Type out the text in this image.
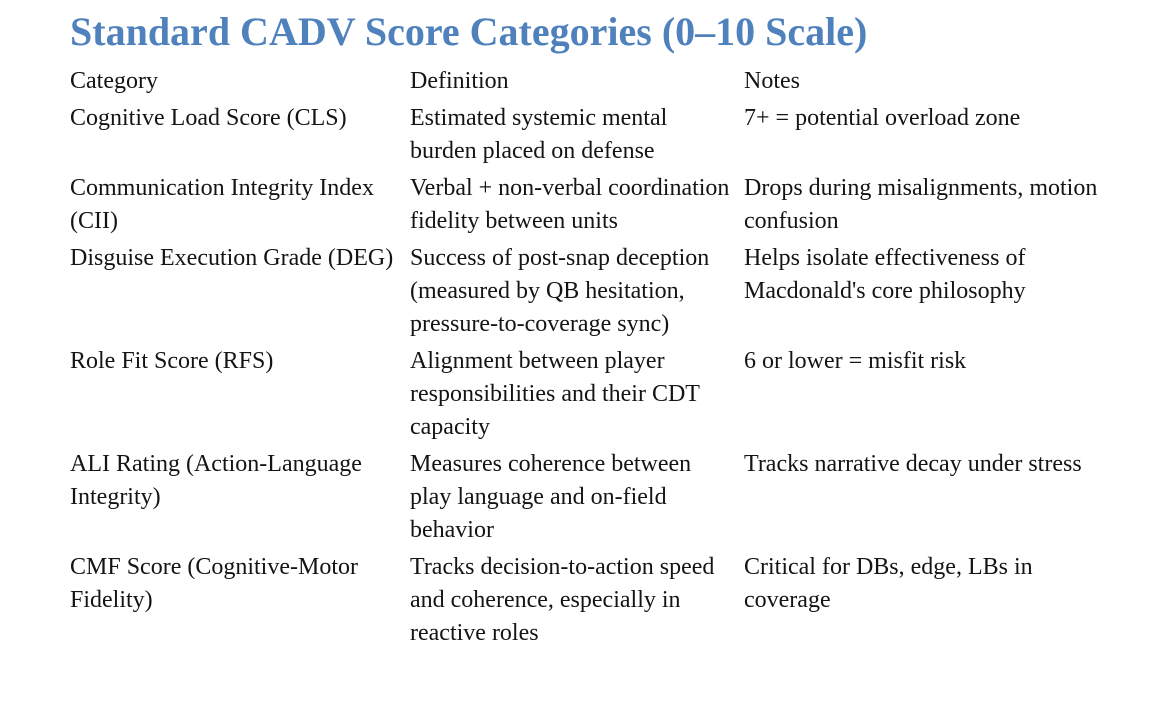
Standard CADV Score Categories (0–10 Scale)
Category	Definition	Notes
Cognitive Load Score (CLS)	Estimated systemic mental burden placed on defense	7+ = potential overload zone
Communication Integrity Index (CII)	Verbal + non-verbal coordination fidelity between units	Drops during misalignments, motion confusion
Disguise Execution Grade (DEG)	Success of post-snap deception (measured by QB hesitation, pressure-to-coverage sync)	Helps isolate effectiveness of Macdonald's core philosophy
Role Fit Score (RFS)	Alignment between player responsibilities and their CDT capacity	6 or lower = misfit risk
ALI Rating (Action-Language Integrity)	Measures coherence between play language and on-field behavior	Tracks narrative decay under stress
CMF Score (Cognitive-Motor Fidelity)	Tracks decision-to-action speed and coherence, especially in reactive roles	Critical for DBs, edge, LBs in coverage
